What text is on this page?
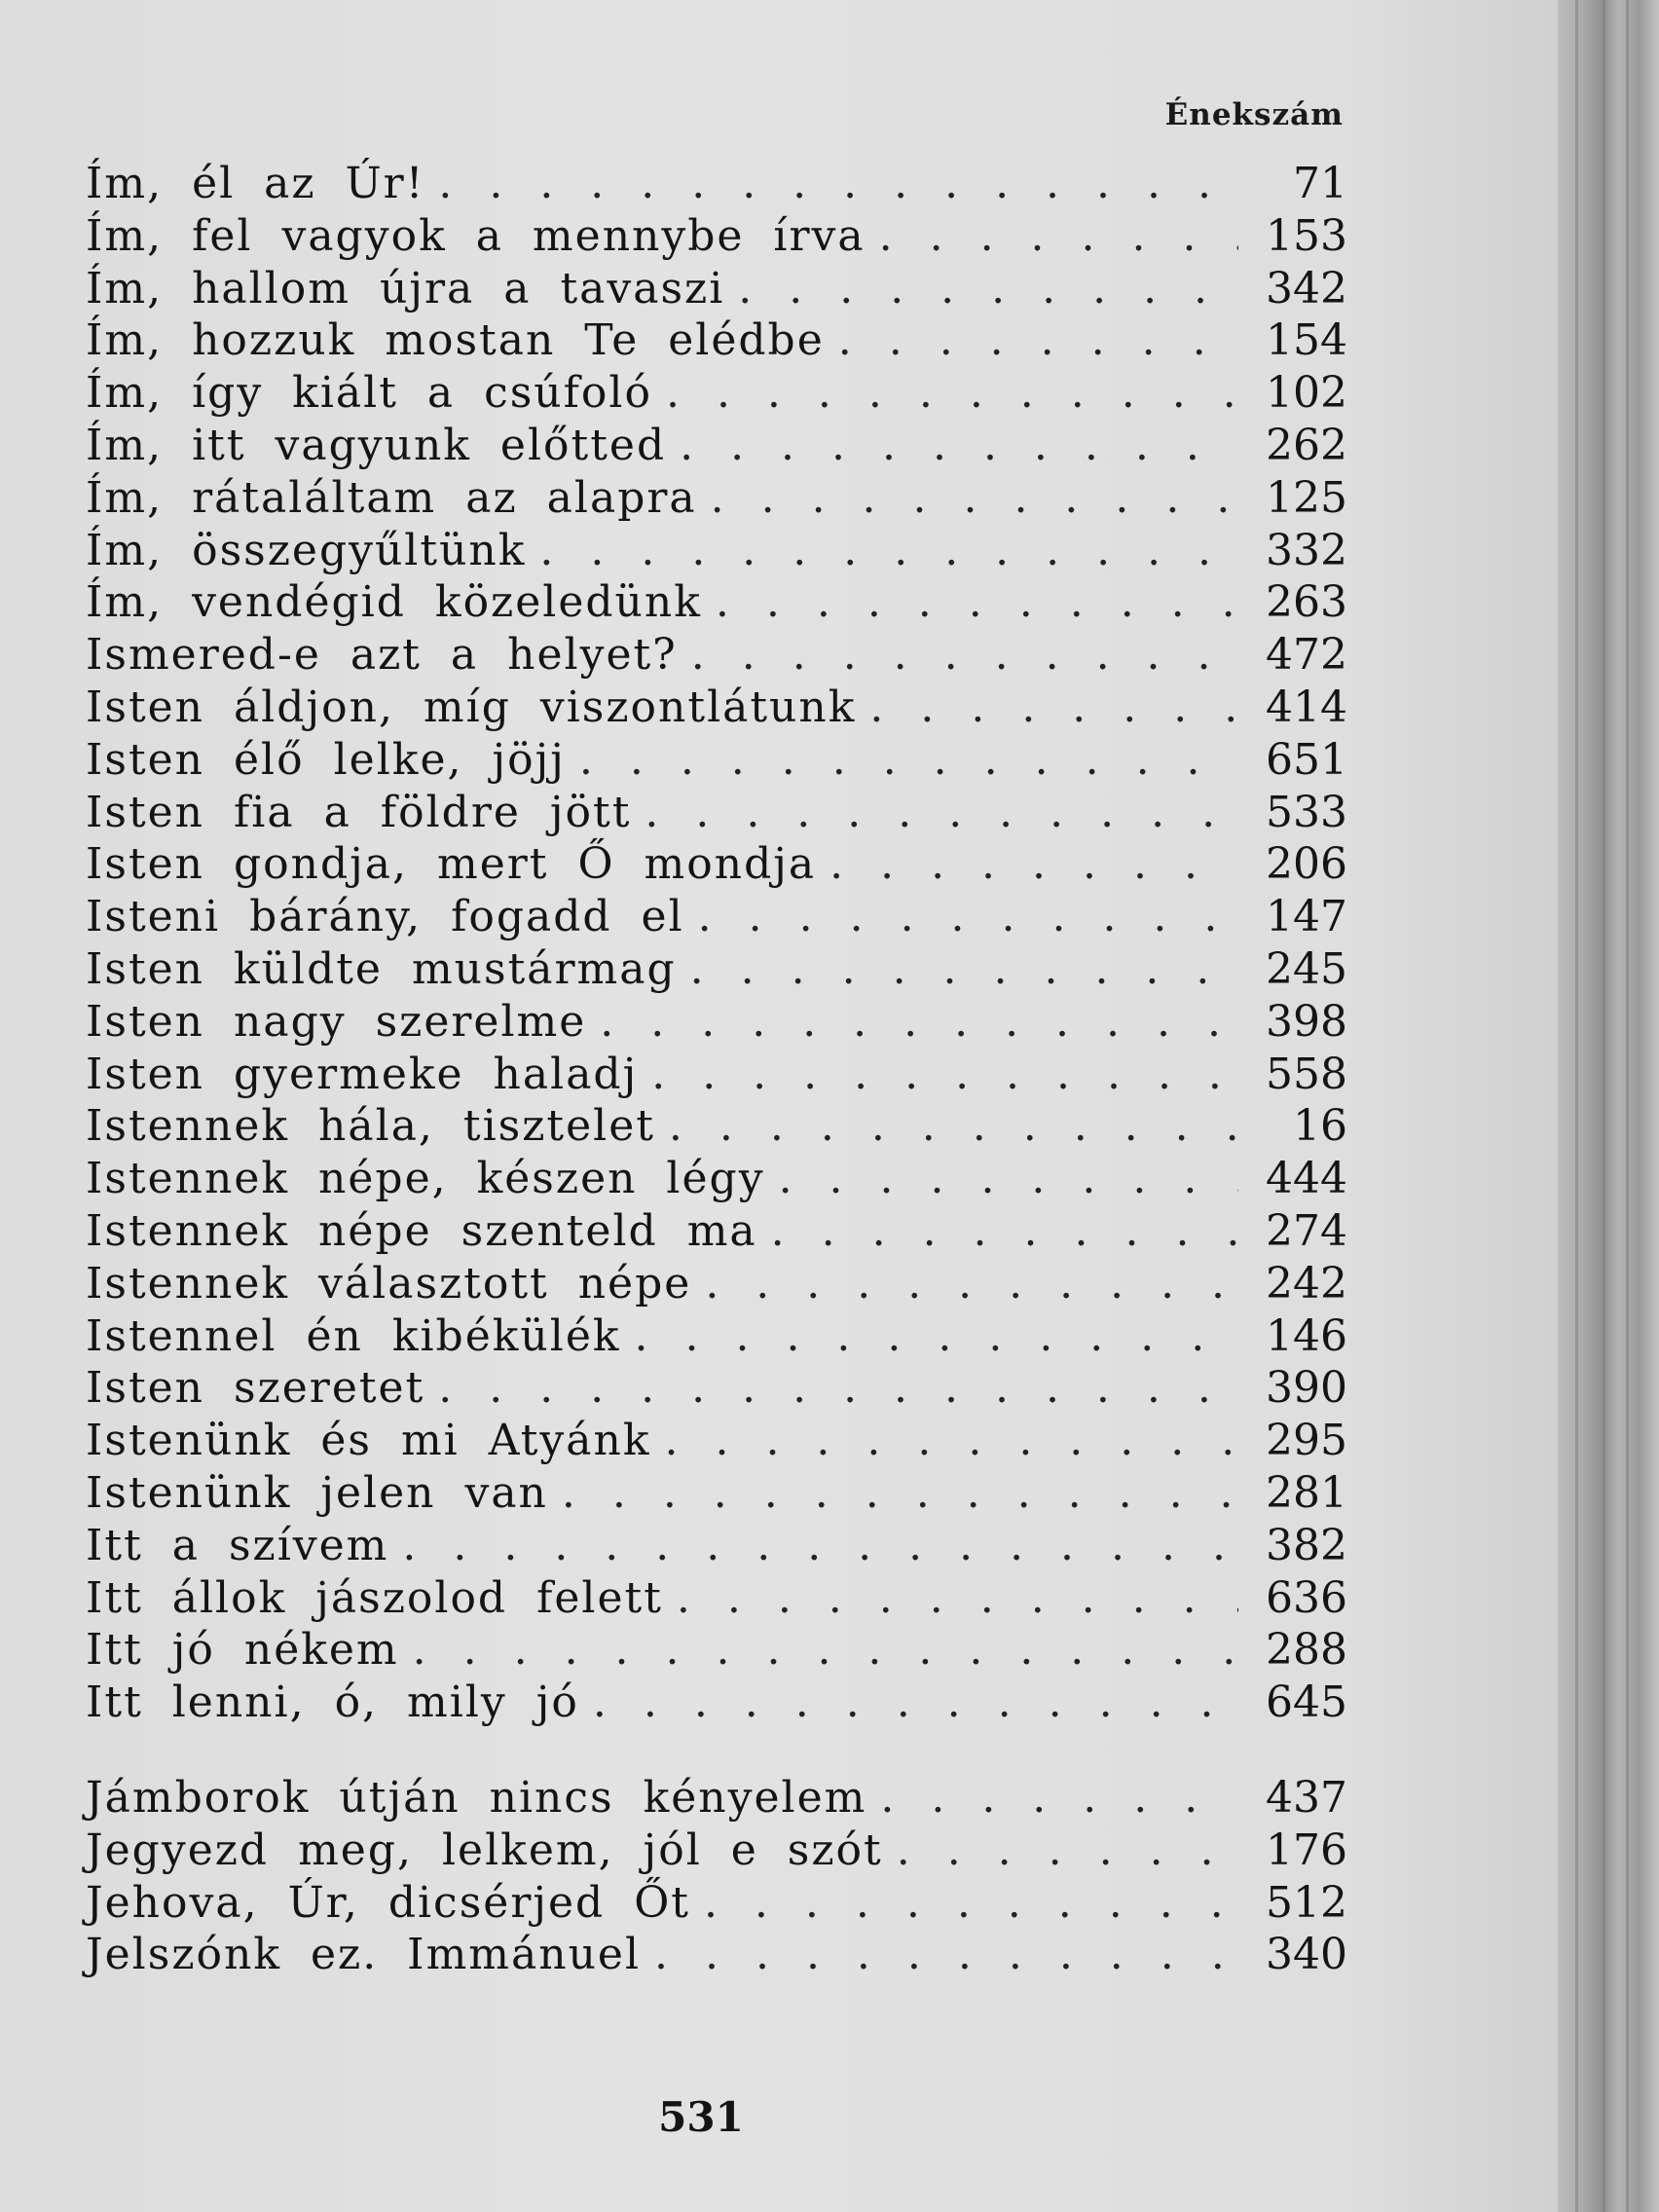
Énekszám
Ím, él az Úr! . . .	71
Ím, fel vagyok a mennybe írva . . .	153
Ím, hallom újra a tavaszi . . .	342
Ím, hozzuk mostan Te elédbe . . .	154
Ím, így kiált a csúfoló . . .	102
Ím, itt vagyunk előtted . . .	262
Ím, rátaláltam az alapra . . .	125
Ím, összegyűltünk . . .	332
Ím, vendégid közeledünk . . .	263
Ismered-e azt a helyet? . . .	472
Isten áldjon, míg viszontlátunk . . .	414
Isten élő lelke, jöjj . . .	651
Isten fia a földre jött . . .	533
Isten gondja, mert Ő mondja . . .	206
Isteni bárány, fogadd el . . .	147
Isten küldte mustármag . . .	245
Isten nagy szerelme . . .	398
Isten gyermeke haladj . . .	558
Istennek hála, tisztelet . . .	16
Istennek népe, készen légy . . .	444
Istennek népe szenteld ma . . .	274
Istennek választott népe . . .	242
Istennel én kibékülék . . .	146
Isten szeretet . . .	390
Istenünk és mi Atyánk . . .	295
Istenünk jelen van . . .	281
Itt a szívem . . .	382
Itt állok jászolod felett . . .	636
Itt jó nékem . . .	288
Itt lenni, ó, mily jó . . .	645
Jámborok útján nincs kényelem . . .	437
Jegyezd meg, lelkem, jól e szót . . .	176
Jehova, Úr, dicsérjed Őt . . .	512
Jelszónk ez. Immánuel . . .	340
531
